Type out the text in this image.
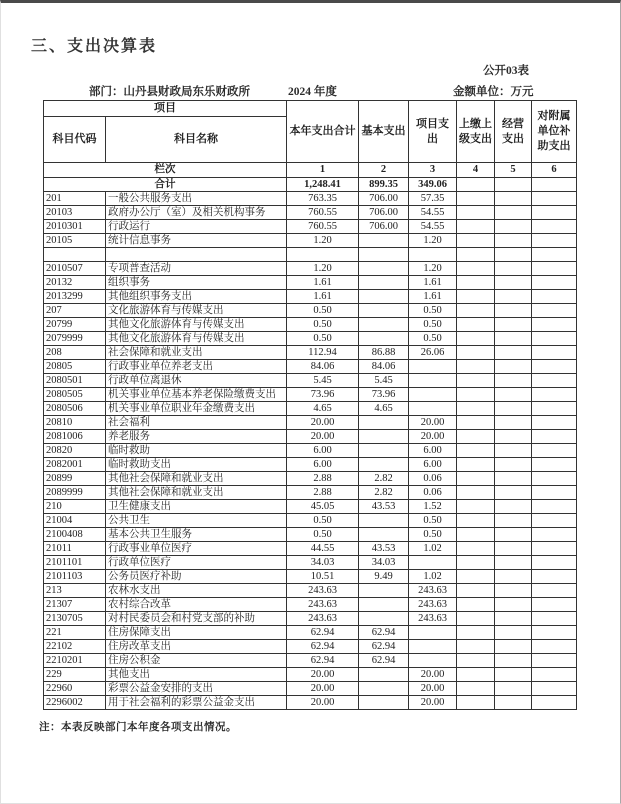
三、支出决算表
公开03表
部门：山丹县财政局东乐财政所	2024 年度	金额单位：万元
项目		本年支出合计	基本支出	项目支出	上缴上级支出	经营支出	对附属单位补助支出
科目代码	科目名称						
栏次		1	2	3	4	5	6
合计		1,248.41	899.35	349.06			
201	一般公共服务支出	763.35	706.00	57.35			
20103	政府办公厅（室）及相关机构事务	760.55	706.00	54.55			
2010301	行政运行	760.55	706.00	54.55			
20105	统计信息事务	1.20		1.20			

2010507	专项普查活动	1.20		1.20			
20132	组织事务	1.61		1.61			
2013299	其他组织事务支出	1.61		1.61			
207	文化旅游体育与传媒支出	0.50		0.50			
20799	其他文化旅游体育与传媒支出	0.50		0.50			
2079999	其他文化旅游体育与传媒支出	0.50		0.50			
208	社会保障和就业支出	112.94	86.88	26.06			
20805	行政事业单位养老支出	84.06	84.06				
2080501	行政单位离退休	5.45	5.45				
2080505	机关事业单位基本养老保险缴费支出	73.96	73.96				
2080506	机关事业单位职业年金缴费支出	4.65	4.65				
20810	社会福利	20.00		20.00			
2081006	养老服务	20.00		20.00			
20820	临时救助	6.00		6.00			
2082001	临时救助支出	6.00		6.00			
20899	其他社会保障和就业支出	2.88	2.82	0.06			
2089999	其他社会保障和就业支出	2.88	2.82	0.06			
210	卫生健康支出	45.05	43.53	1.52			
21004	公共卫生	0.50		0.50			
2100408	基本公共卫生服务	0.50		0.50			
21011	行政事业单位医疗	44.55	43.53	1.02			
2101101	行政单位医疗	34.03	34.03				
2101103	公务员医疗补助	10.51	9.49	1.02			
213	农林水支出	243.63		243.63			
21307	农村综合改革	243.63		243.63			
2130705	对村民委员会和村党支部的补助	243.63		243.63			
221	住房保障支出	62.94	62.94				
22102	住房改革支出	62.94	62.94				
2210201	住房公积金	62.94	62.94				
229	其他支出	20.00		20.00			
22960	彩票公益金安排的支出	20.00		20.00			
2296002	用于社会福利的彩票公益金支出	20.00		20.00			
注：本表反映部门本年度各项支出情况。
